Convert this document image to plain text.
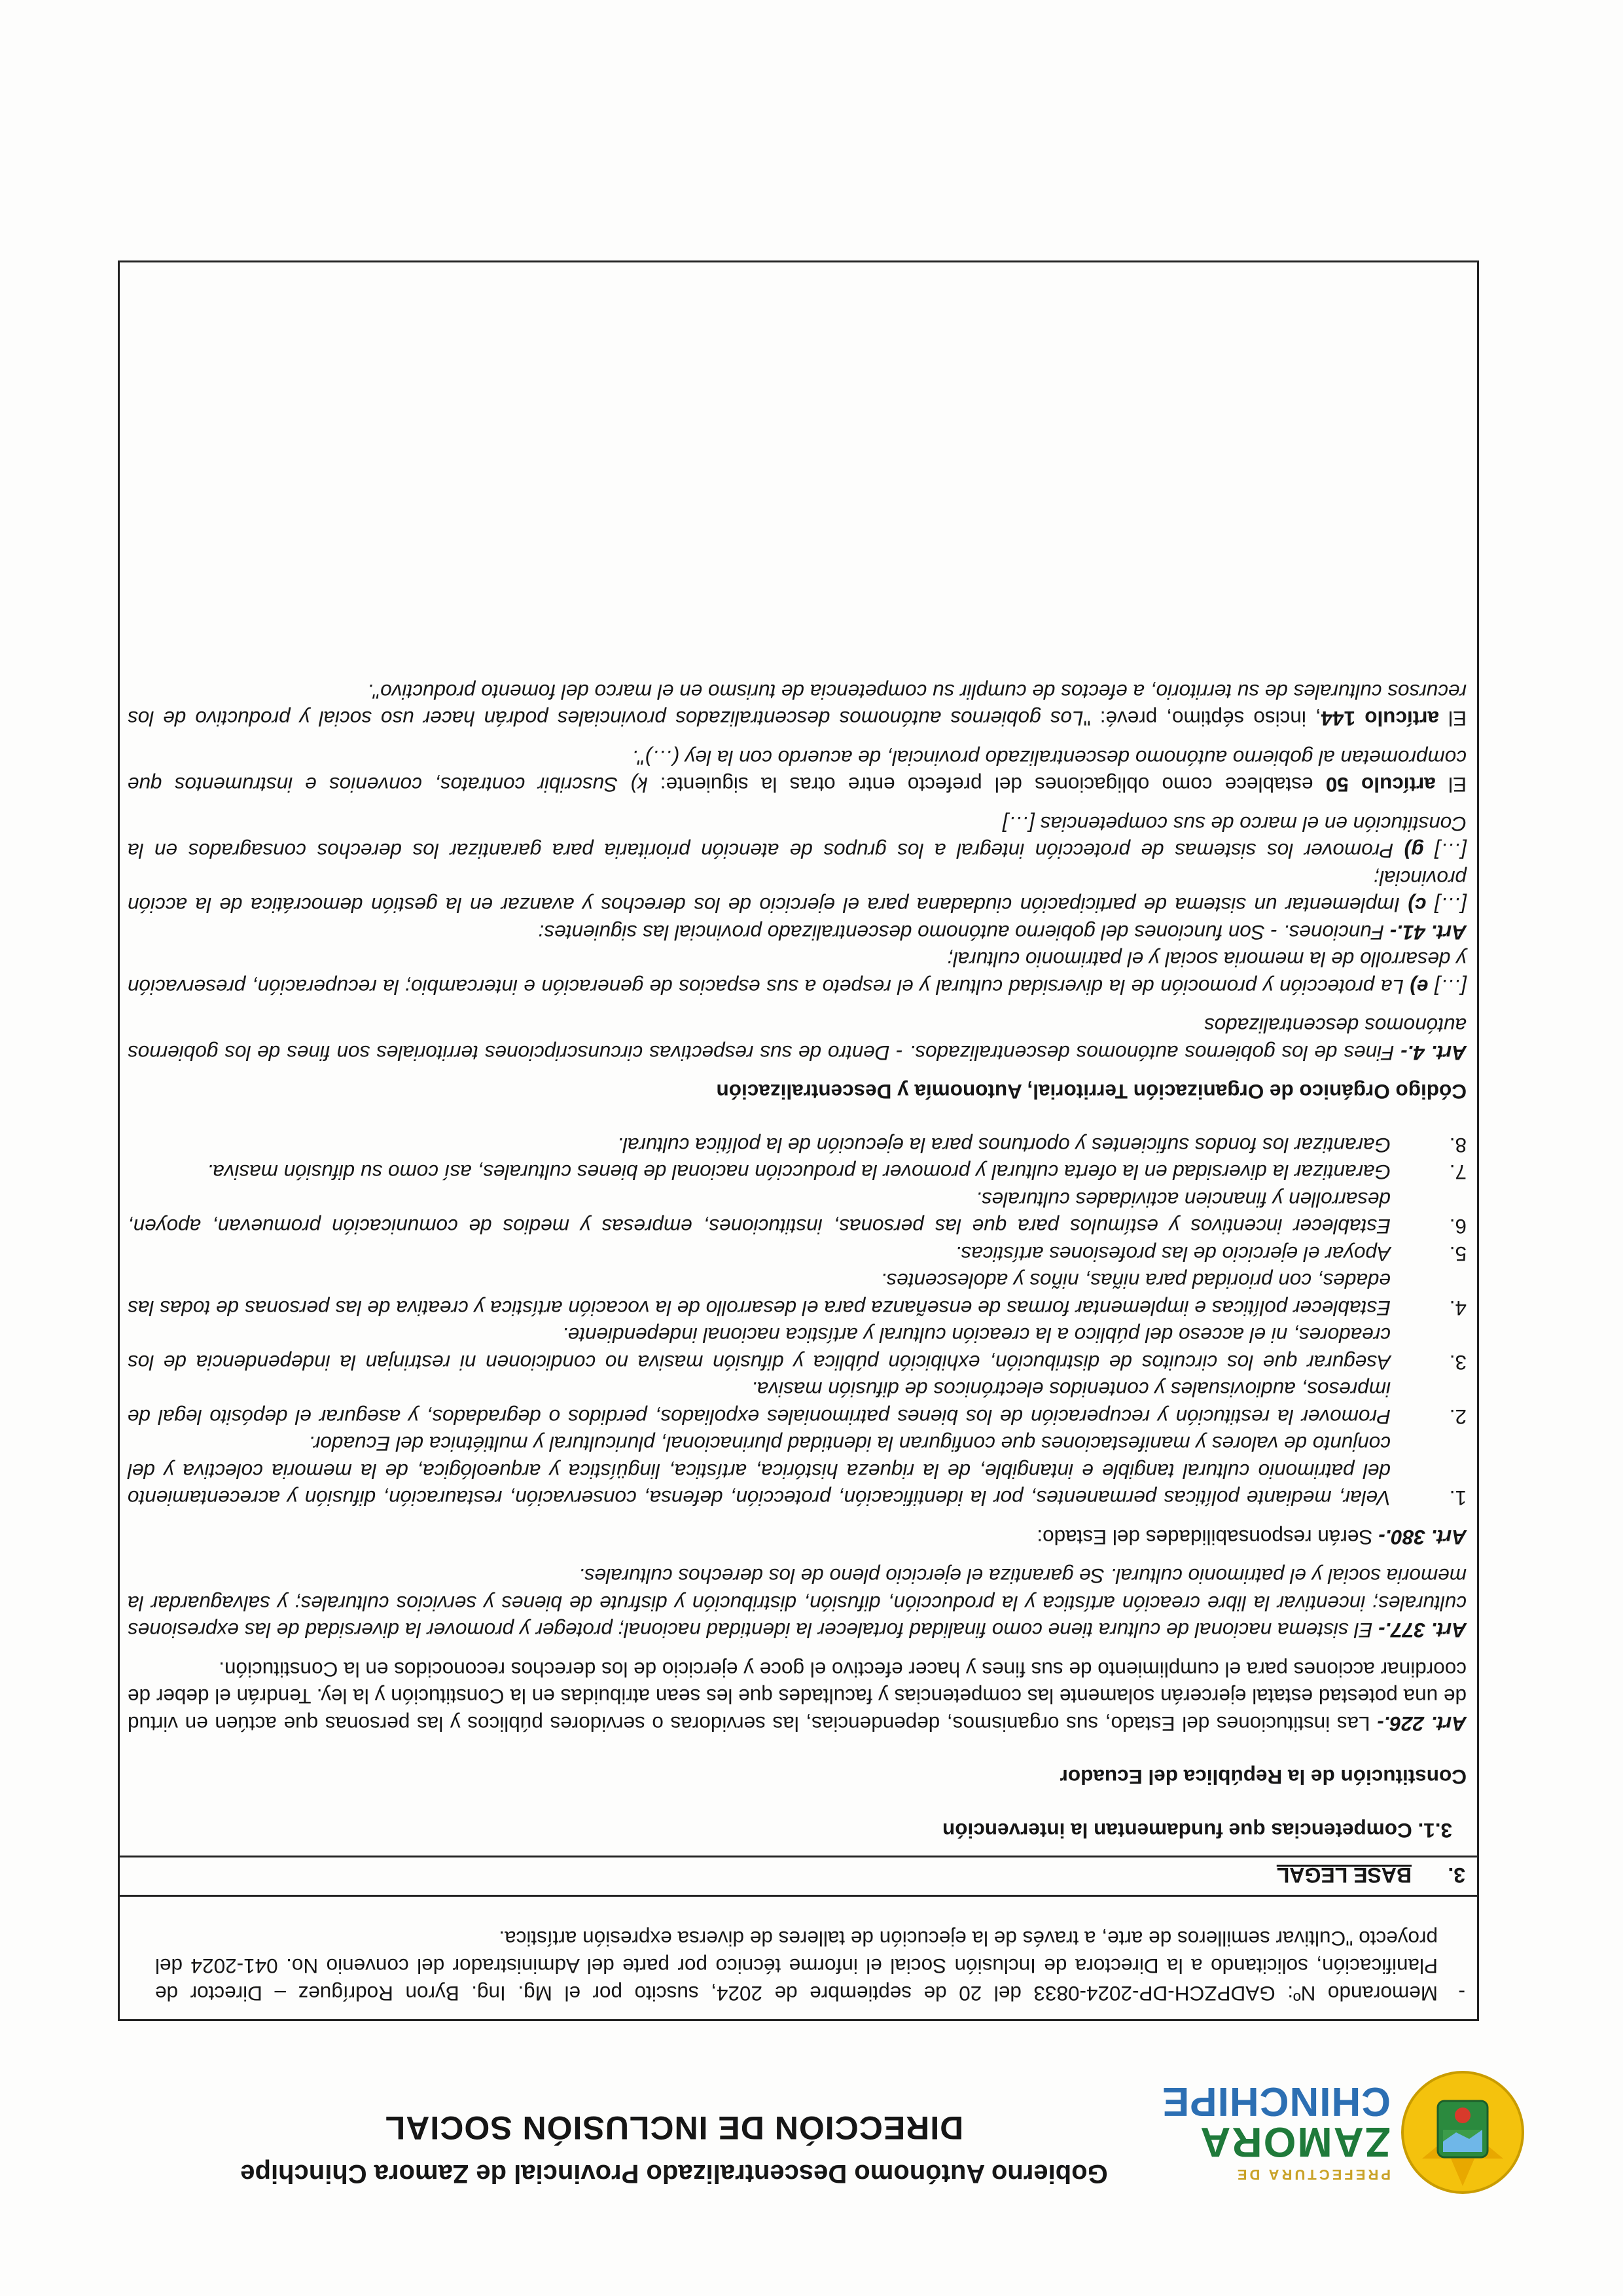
PREFECTURA DE
ZAMORA
CHINCHIPE
Gobierno Autónomo Descentralizado Provincial de Zamora Chinchipe
DIRECCIÓN DE INCLUSIÓN SOCIAL
-

Memorando Nº: GADPZCH-DP-2024-0833 del 20 de septiembre de 2024, suscito por el Mg. Ing. Byron Rodríguez – Director de Planificación, solicitando a la Directora de Inclusión Social el informe técnico por parte del Administrador del convenio No. 041-2024 del proyecto "Cultivar semilleros de arte, a través de la ejecución de talleres de diversa expresión artística.

3.
BASE LEGAL

3.1. Competencias que fundamentan la intervención

Constitución de la República del Ecuador

Art. 226.- Las instituciones del Estado, sus organismos, dependencias, las servidoras o servidores públicos y las personas que actúen en virtud de una potestad estatal ejercerán solamente las competencias y facultades que les sean atribuidas en la Constitución y la ley. Tendrán el deber de coordinar acciones para el cumplimiento de sus fines y hacer efectivo el goce y ejercicio de los derechos reconocidos en la Constitución.

Art. 377.- El sistema nacional de cultura tiene como finalidad fortalecer la identidad nacional; proteger y promover la diversidad de las expresiones culturales; incentivar la libre creación artística y la producción, difusión, distribución y disfrute de bienes y servicios culturales; y salvaguardar la memoria social y el patrimonio cultural. Se garantiza el ejercicio pleno de los derechos culturales.

Art. 380.- Serán responsabilidades del Estado:

1.
Velar, mediante políticas permanentes, por la identificación, protección, defensa, conservación, restauración, difusión y acrecentamiento del patrimonio cultural tangible e intangible, de la riqueza histórica, artística, lingüística y arqueológica, de la memoria colectiva y del conjunto de valores y manifestaciones que configuran la identidad plurinacional, pluricultural y multiétnica del Ecuador.
2.
Promover la restitución y recuperación de los bienes patrimoniales expoliados, perdidos o degradados, y asegurar el depósito legal de impresos, audiovisuales y contenidos electrónicos de difusión masiva.
3.
Asegurar que los circuitos de distribución, exhibición pública y difusión masiva no condicionen ni restrinjan la independencia de los creadores, ni el acceso del público a la creación cultural y artística nacional independiente.
4.
Establecer políticas e implementar formas de enseñanza para el desarrollo de la vocación artística y creativa de las personas de todas las edades, con prioridad para niñas, niños y adolescentes.
5.
Apoyar el ejercicio de las profesiones artísticas.
6.
Establecer incentivos y estímulos para que las personas, instituciones, empresas y medios de comunicación promuevan, apoyen, desarrollen y financien actividades culturales.
7.
Garantizar la diversidad en la oferta cultural y promover la producción nacional de bienes culturales, así como su difusión masiva.
8.
Garantizar los fondos suficientes y oportunos para la ejecución de la política cultural.

Código Orgánico de Organización Territorial, Autonomía y Descentralización

Art. 4.- Fines de los gobiernos autónomos descentralizados. - Dentro de sus respectivas circunscripciones territoriales son fines de los gobiernos autónomos descentralizados

[…] e) La protección y promoción de la diversidad cultural y el respeto a sus espacios de generación e intercambio; la recuperación, preservación y desarrollo de la memoria social y el patrimonio cultural;

Art. 41.- Funciones. - Son funciones del gobierno autónomo descentralizado provincial las siguientes:

[…] c) Implementar un sistema de participación ciudadana para el ejercicio de los derechos y avanzar en la gestión democrática de la acción provincial;

[…] g) Promover los sistemas de protección integral a los grupos de atención prioritaria para garantizar los derechos consagrados en la Constitución en el marco de sus competencias […]

El artículo 50 establece como obligaciones del prefecto entre otras la siguiente: k) Suscribir contratos, convenios e instrumentos que comprometan al gobierno autónomo descentralizado provincial, de acuerdo con la ley (…)".

El artículo 144, inciso séptimo, prevé: "Los gobiernos autónomos descentralizados provinciales podrán hacer uso social y productivo de los recursos culturales de su territorio, a efectos de cumplir su competencia de turismo en el marco del fomento productivo".
